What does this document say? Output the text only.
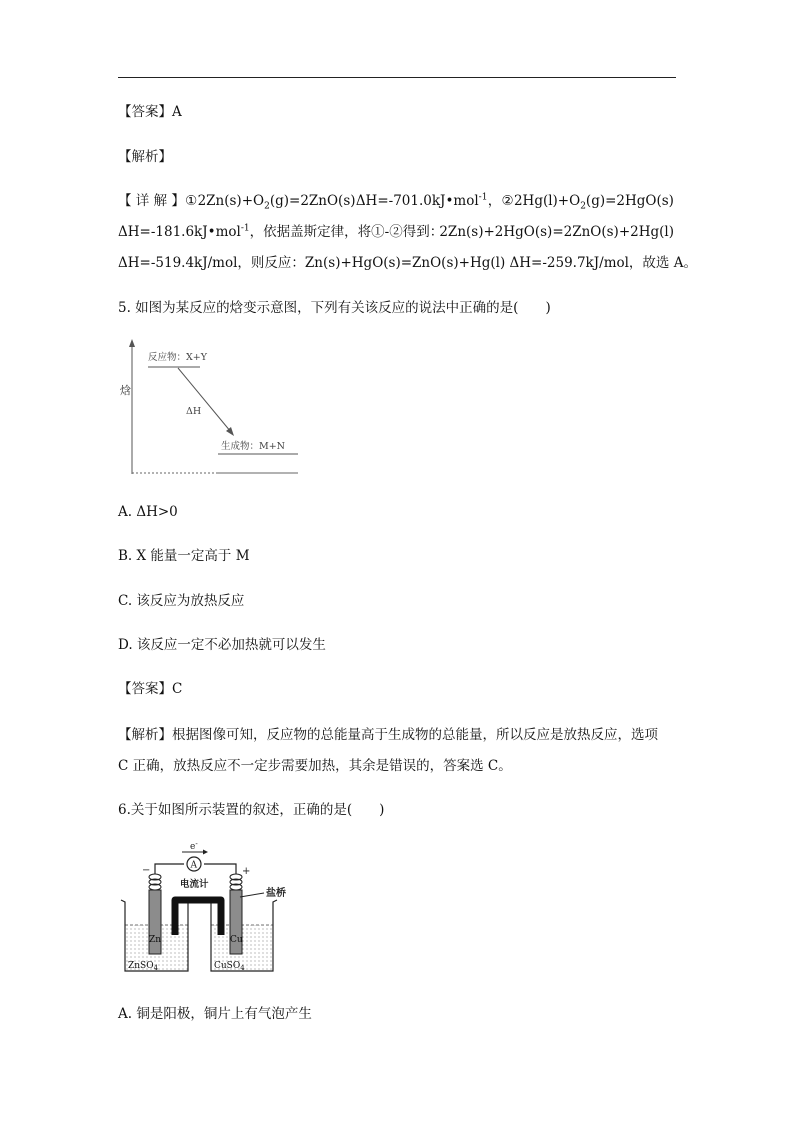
【答案】A
【解析】
【 详 解 】 ① $2Zn(s)+O_2(g)=2ZnO(s)$ ΔH=-701.0kJ•mol$^{-1}$ ， ② $2Hg(l)+O_2(g)=2HgO(s)$
ΔH=-181.6kJ•mol$^{-1}$，依据盖斯定律，将①-②得到：
2Zn(s)+2HgO(s)=2ZnO(s)+2Hg(l)
ΔH=-519.4kJ/mol，则反应：Zn(s)+HgO(s)=ZnO(s)+Hg(l) ΔH=-259.7kJ/mol，故选 A。
5. 如图为某反应的焓变示意图，下列有关该反应的说法中正确的是(　　)
焓
反应物：X+Y
ΔH
生成物：M+N
A. ΔH>0
B. X 能量一定高于 M
C. 该反应为放热反应
D. 该反应一定不必加热就可以发生
【答案】C
【解析】根据图像可知，反应物的总能量高于生成物的总能量，所以反应是放热反应，选项
C 正确，放热反应不一定步需要加热，其余是错误的，答案选 C。
6.关于如图所示装置的叙述，正确的是(　　)
e-
A
电流计
−	+
Zn	Cu
盐桥
ZnSO$_4$	CuSO$_4$
A. 铜是阳极，铜片上有气泡产生
